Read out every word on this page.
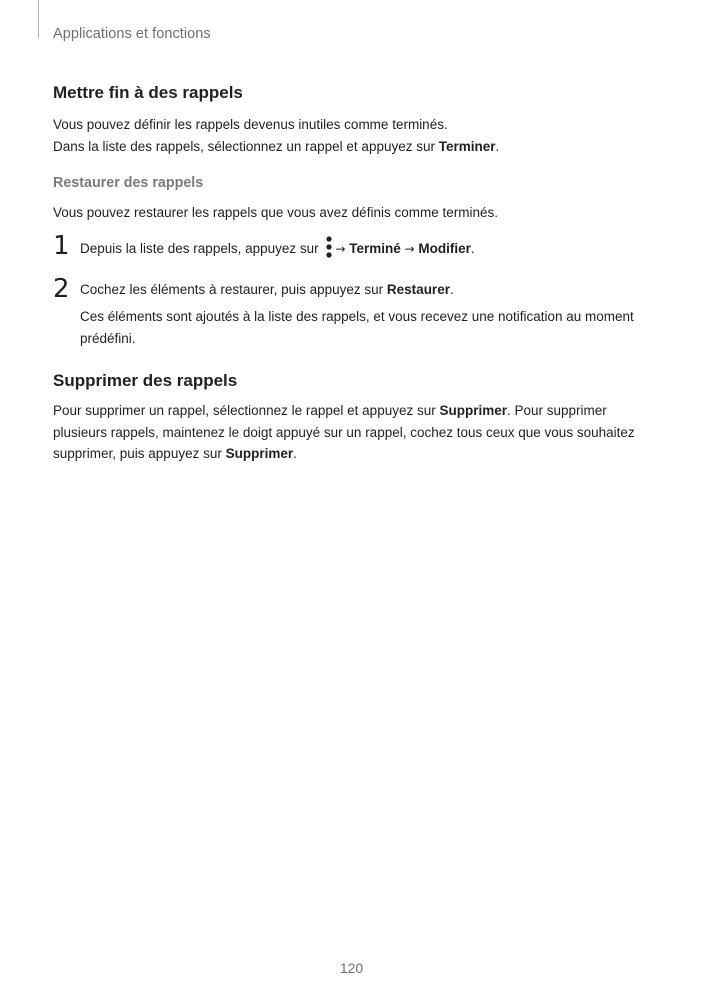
Applications et fonctions
Mettre fin à des rappels
Vous pouvez définir les rappels devenus inutiles comme terminés.
Dans la liste des rappels, sélectionnez un rappel et appuyez sur Terminer.
Restaurer des rappels
Vous pouvez restaurer les rappels que vous avez définis comme terminés.
1 Depuis la liste des rappels, appuyez sur → Terminé → Modifier.
2 Cochez les éléments à restaurer, puis appuyez sur Restaurer.
Ces éléments sont ajoutés à la liste des rappels, et vous recevez une notification au moment prédéfini.
Supprimer des rappels
Pour supprimer un rappel, sélectionnez le rappel et appuyez sur Supprimer. Pour supprimer plusieurs rappels, maintenez le doigt appuyé sur un rappel, cochez tous ceux que vous souhaitez supprimer, puis appuyez sur Supprimer.
120
